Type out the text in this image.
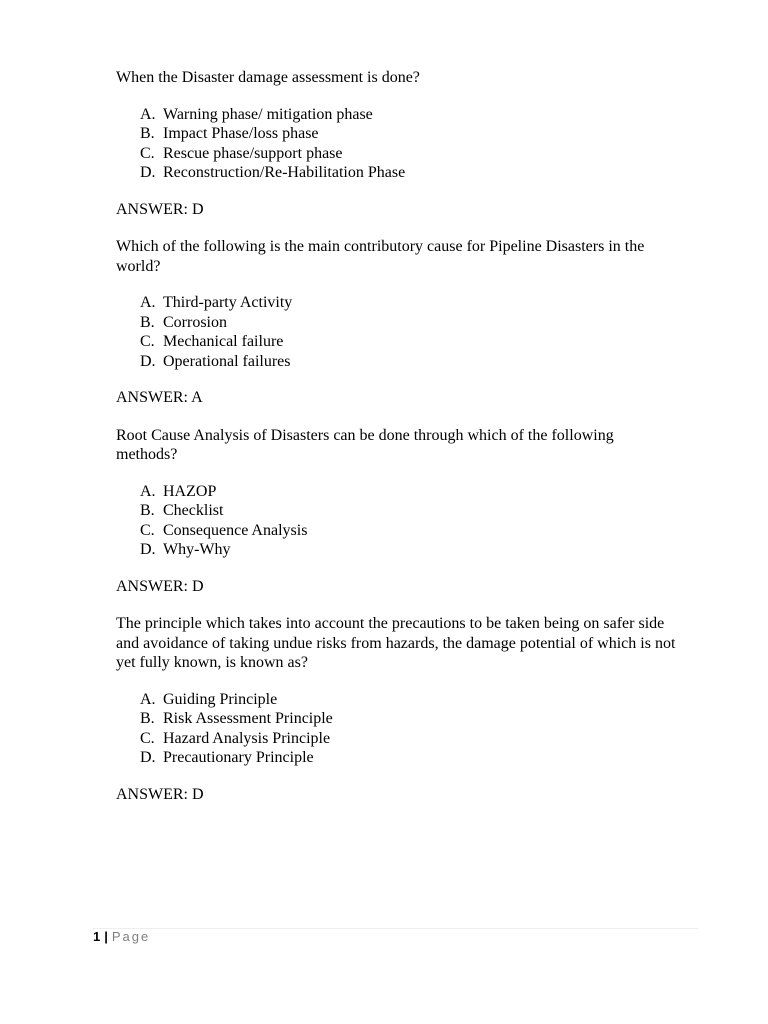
When the Disaster damage assessment is done?

A. Warning phase/ mitigation phase
B. Impact Phase/loss phase
C. Rescue phase/support phase
D. Reconstruction/Re-Habilitation Phase

ANSWER: D

Which of the following is the main contributory cause for Pipeline Disasters in the world?

A. Third-party Activity
B. Corrosion
C. Mechanical failure
D. Operational failures

ANSWER: A

Root Cause Analysis of Disasters can be done through which of the following methods?

A. HAZOP
B. Checklist
C. Consequence Analysis
D. Why-Why

ANSWER: D

The principle which takes into account the precautions to be taken being on safer side and avoidance of taking undue risks from hazards, the damage potential of which is not yet fully known, is known as?

A. Guiding Principle
B. Risk Assessment Principle
C. Hazard Analysis Principle
D. Precautionary Principle

ANSWER: D

1 | Page
